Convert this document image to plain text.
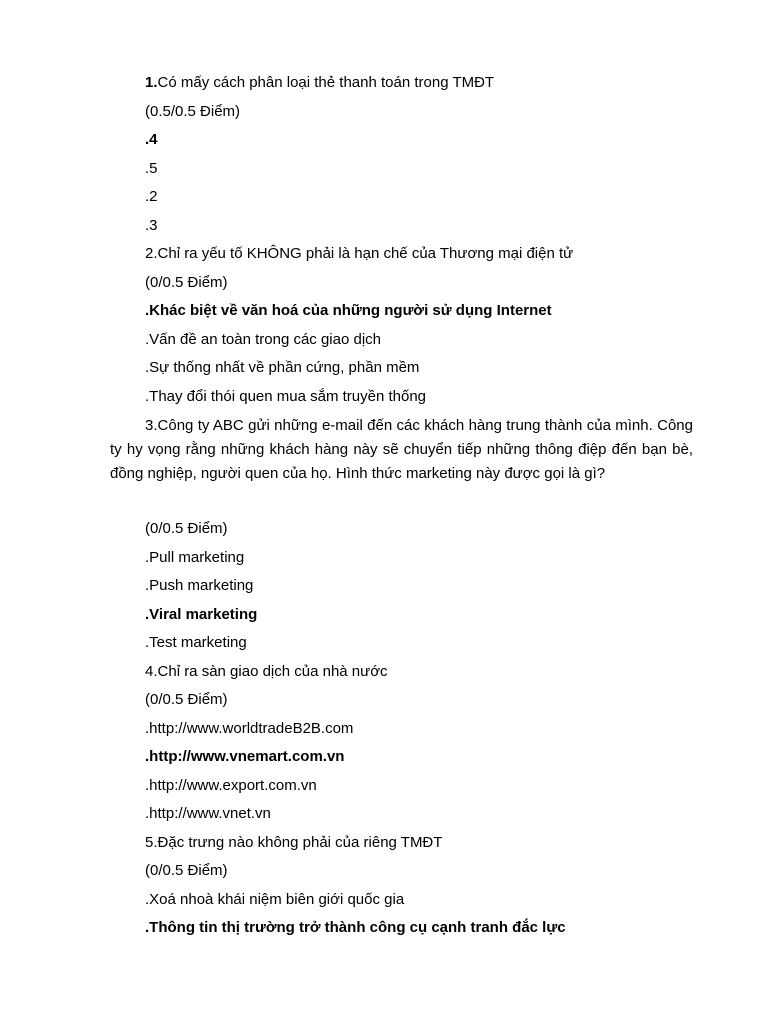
1.Có mấy cách phân loại thẻ thanh toán trong TMĐT
(0.5/0.5 Điểm)
.4
.5
.2
.3
2.Chỉ ra yếu tố KHÔNG phải là hạn chế của Thương mại điện tử
(0/0.5 Điểm)
.Khác biệt về văn hoá của những người sử dụng Internet
.Vấn đề an toàn trong các giao dịch
.Sự thống nhất về phần cứng, phần mềm
.Thay đổi thói quen mua sắm truyền thống
3.Công ty ABC gửi những e-mail đến các khách hàng trung thành của mình. Công ty hy vọng rằng những khách hàng này sẽ chuyển tiếp những thông điệp đến bạn bè, đồng nghiệp, người quen của họ. Hình thức marketing này được gọi là gì?
(0/0.5 Điểm)
.Pull marketing
.Push marketing
.Viral marketing
.Test marketing
4.Chỉ ra sàn giao dịch của nhà nước
(0/0.5 Điểm)
.http://www.worldtradeB2B.com
.http://www.vnemart.com.vn
.http://www.export.com.vn
.http://www.vnet.vn
5.Đặc trưng nào không phải của riêng TMĐT
(0/0.5 Điểm)
.Xoá nhoà khái niệm biên giới quốc gia
.Thông tin thị trường trở thành công cụ cạnh tranh đắc lực
